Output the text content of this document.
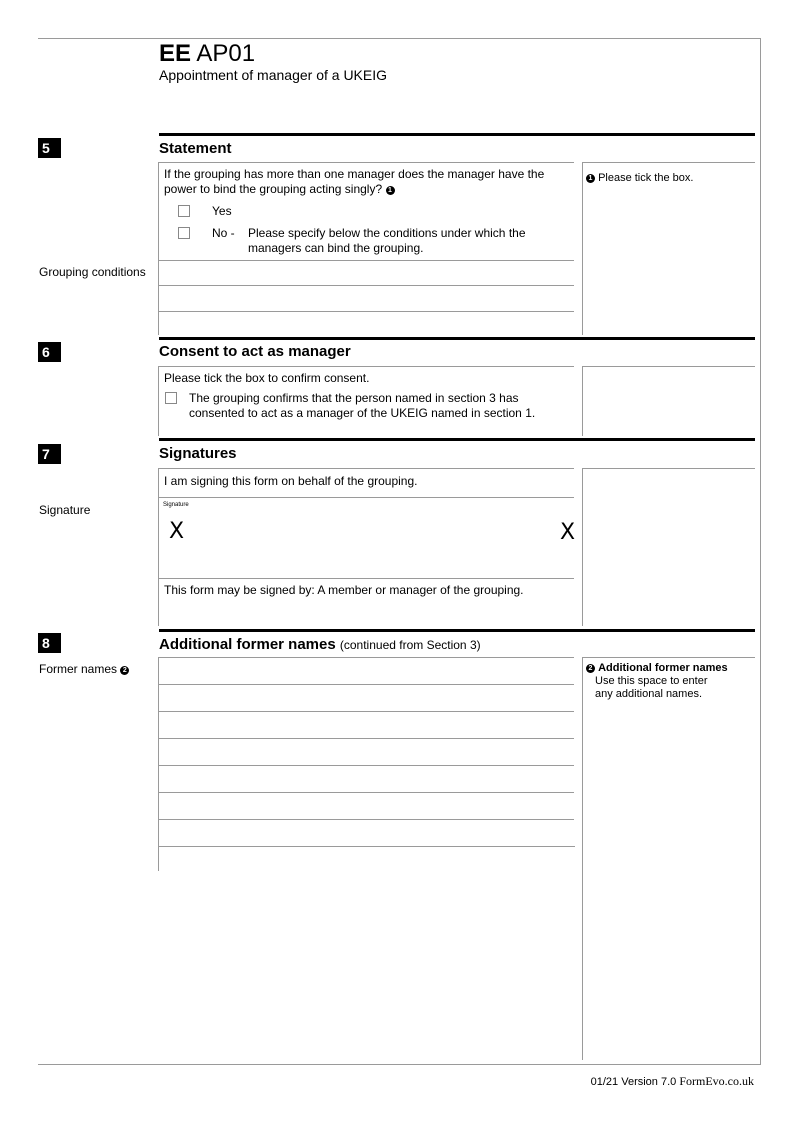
EE AP01
Appointment of manager of a UKEIG
5	Statement
1 Please tick the box.
If the grouping has more than one manager does the manager have the power to bind the grouping acting singly? 1
Yes
No - Please specify below the conditions under which the managers can bind the grouping.
Grouping conditions
6	Consent to act as manager
Please tick the box to confirm consent.
The grouping confirms that the person named in section 3 has consented to act as a manager of the UKEIG named in section 1.
7	Signatures
I am signing this form on behalf of the grouping.
Signature	Signature
X	X
This form may be signed by: A member or manager of the grouping.
8	Additional former names (continued from Section 3)
2 Additional former names
Use this space to enter
any additional names.
Former names 2
01/21 Version 7.0 FormEvo.co.uk
